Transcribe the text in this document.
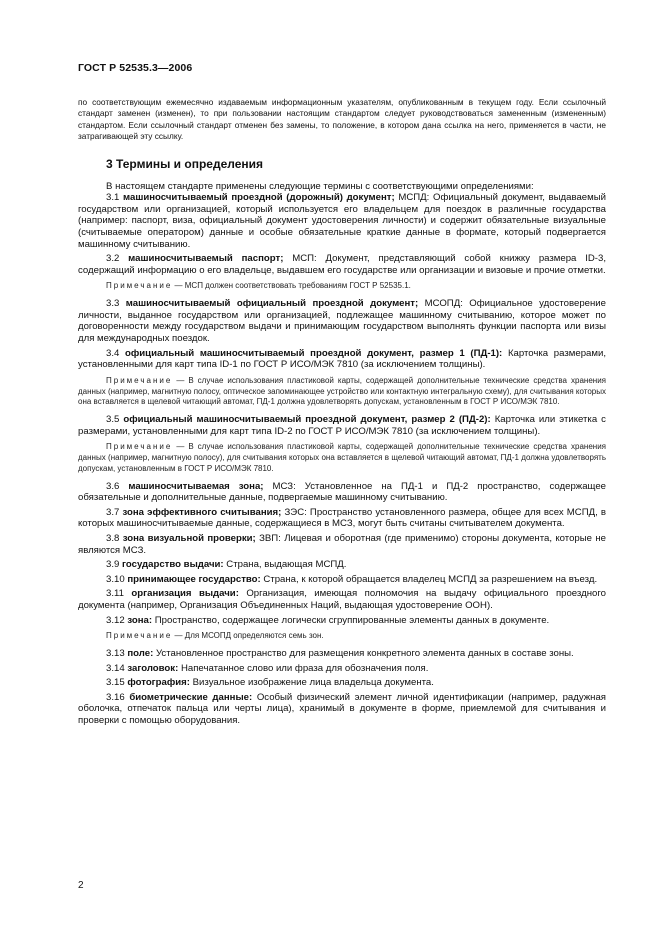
ГОСТ Р 52535.3—2006

по соответствующим ежемесячно издаваемым информационным указателям, опубликованным в текущем году. Если ссылочный стандарт заменен (изменен), то при пользовании настоящим стандартом следует руководствоваться замененным (измененным) стандартом. Если ссылочный стандарт отменен без замены, то положение, в котором дана ссылка на него, применяется в части, не затрагивающей эту ссылку.

3 Термины и определения

В настоящем стандарте применены следующие термины с соответствующими определениями:

3.1 машиносчитываемый проездной (дорожный) документ; МСПД: Официальный документ, выдаваемый государством или организацией, который используется его владельцем для поездок в различные государства (например: паспорт, виза, официальный документ удостоверения личности) и содержит обязательные визуальные (считываемые оператором) данные и особые обязательные краткие данные в формате, который подвергается машинному считыванию.

3.2 машиносчитываемый паспорт; МСП: Документ, представляющий собой книжку размера ID-3, содержащий информацию о его владельце, выдавшем его государстве или организации и визовые и прочие отметки.

Примечание — МСП должен соответствовать требованиям ГОСТ Р 52535.1.

3.3 машиносчитываемый официальный проездной документ; МСОПД: Официальное удостоверение личности, выданное государством или организацией, подлежащее машинному считыванию, которое может по договоренности между государством выдачи и принимающим государством выполнять функции паспорта или визы для международных поездок.

3.4 официальный машиносчитываемый проездной документ, размер 1 (ПД-1): Карточка размерами, установленными для карт типа ID-1 по ГОСТ Р ИСО/МЭК 7810 (за исключением толщины).

Примечание — В случае использования пластиковой карты, содержащей дополнительные технические средства хранения данных (например, магнитную полосу, оптическое запоминающее устройство или контактную интегральную схему), для считывания которых она вставляется в щелевой читающий автомат, ПД-1 должна удовлетворять допускам, установленным в ГОСТ Р ИСО/МЭК 7810.

3.5 официальный машиносчитываемый проездной документ, размер 2 (ПД-2): Карточка или этикетка с размерами, установленными для карт типа ID-2 по ГОСТ Р ИСО/МЭК 7810 (за исключением толщины).

Примечание — В случае использования пластиковой карты, содержащей дополнительные технические средства хранения данных (например, магнитную полосу), для считывания которых она вставляется в щелевой читающий автомат, ПД-1 должна удовлетворять допускам, установленным в ГОСТ Р ИСО/МЭК 7810.

3.6 машиносчитываемая зона; МСЗ: Установленное на ПД-1 и ПД-2 пространство, содержащее обязательные и дополнительные данные, подвергаемые машинному считыванию.

3.7 зона эффективного считывания; ЗЭС: Пространство установленного размера, общее для всех МСПД, в которых машиносчитываемые данные, содержащиеся в МСЗ, могут быть считаны считывателем документа.

3.8 зона визуальной проверки; ЗВП: Лицевая и оборотная (где применимо) стороны документа, которые не являются МСЗ.

3.9 государство выдачи: Страна, выдающая МСПД.

3.10 принимающее государство: Страна, к которой обращается владелец МСПД за разрешением на въезд.

3.11 организация выдачи: Организация, имеющая полномочия на выдачу официального проездного документа (например, Организация Объединенных Наций, выдающая удостоверение ООН).

3.12 зона: Пространство, содержащее логически сгруппированные элементы данных в документе.

Примечание — Для МСОПД определяются семь зон.

3.13 поле: Установленное пространство для размещения конкретного элемента данных в составе зоны.

3.14 заголовок: Напечатанное слово или фраза для обозначения поля.

3.15 фотография: Визуальное изображение лица владельца документа.

3.16 биометрические данные: Особый физический элемент личной идентификации (например, радужная оболочка, отпечаток пальца или черты лица), хранимый в документе в форме, приемлемой для считывания и проверки с помощью оборудования.

2
